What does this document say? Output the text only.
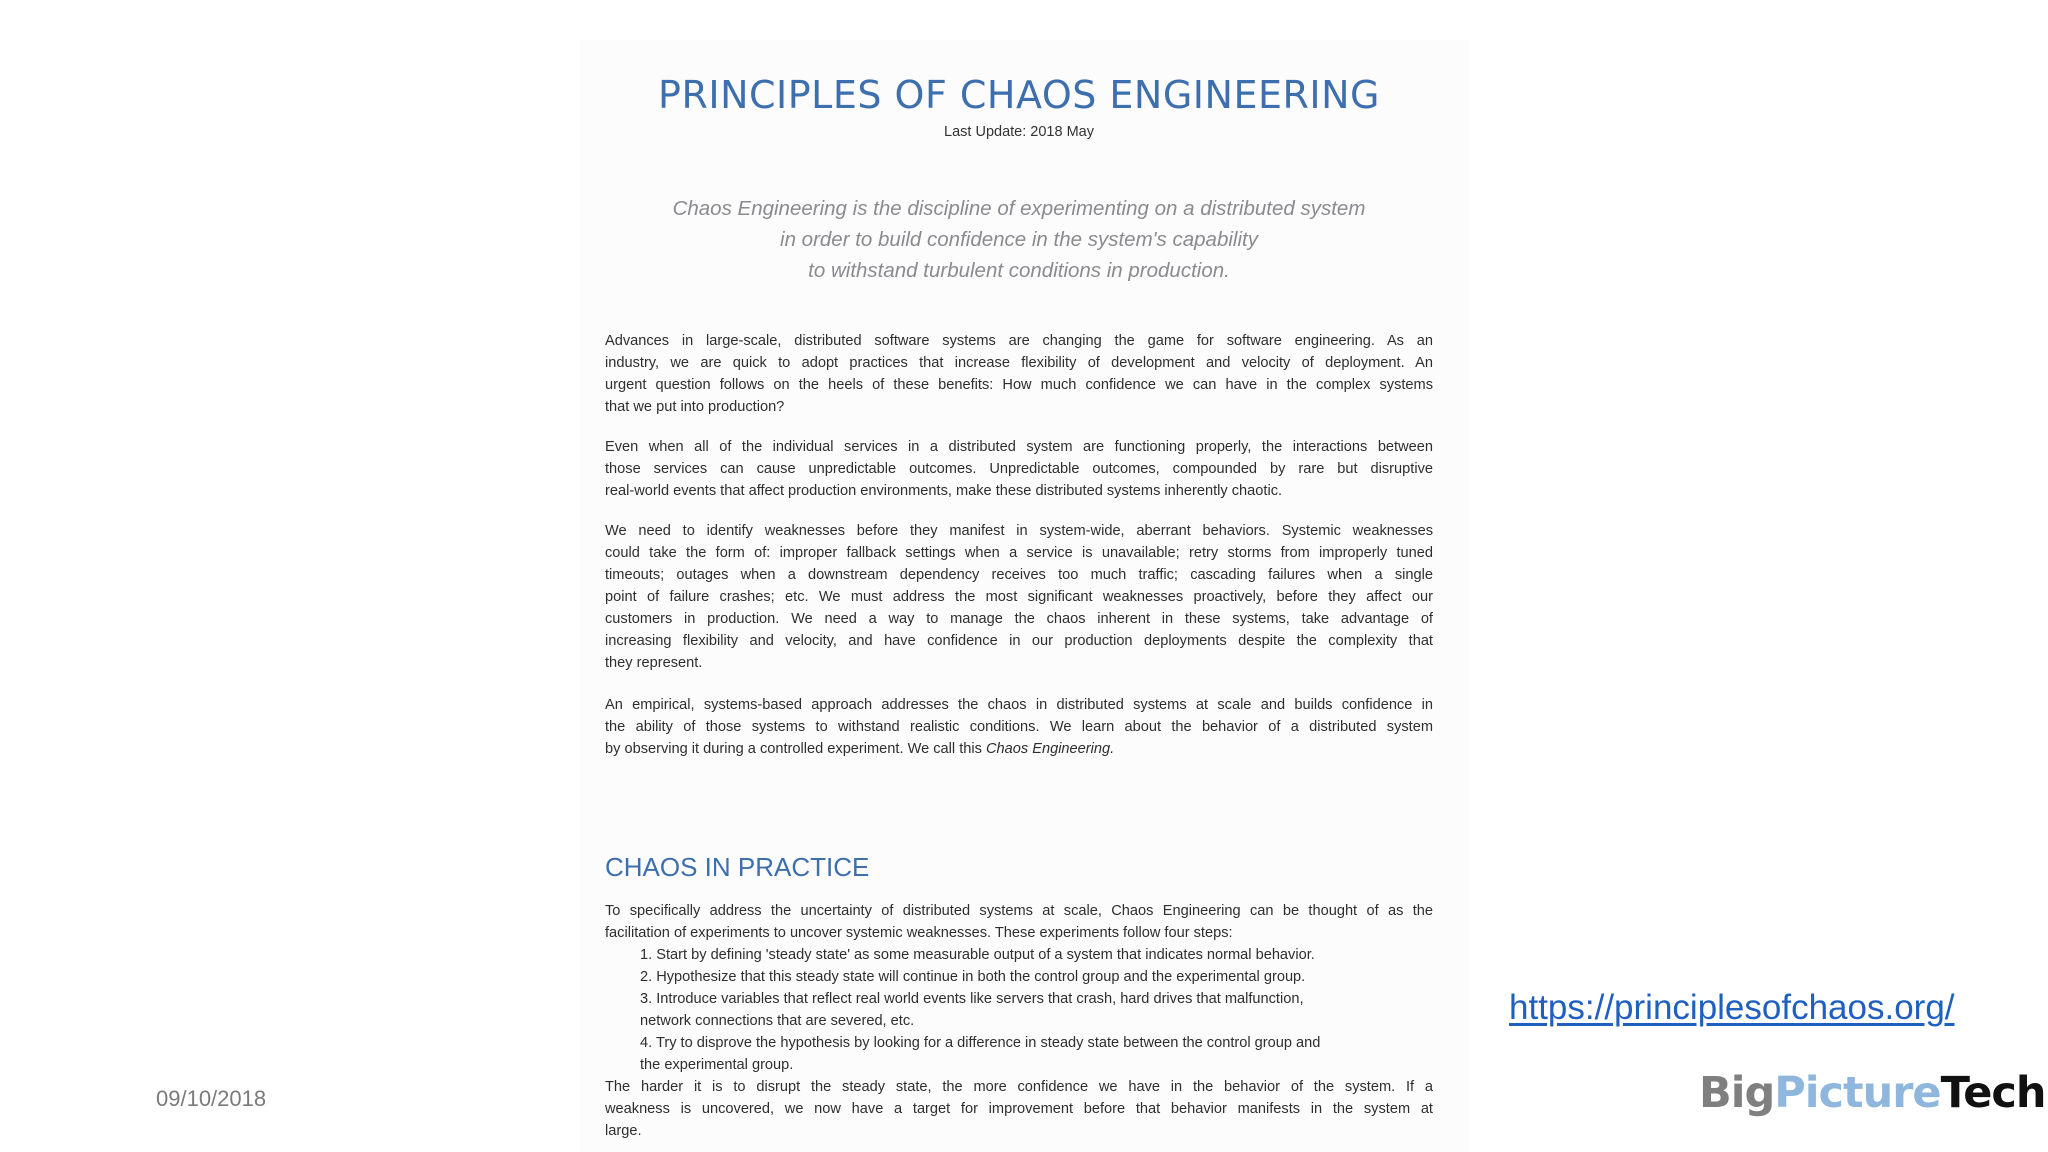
PRINCIPLES OF CHAOS ENGINEERING
Last Update: 2018 May
Chaos Engineering is the discipline of experimenting on a distributed system
in order to build confidence in the system's capability
to withstand turbulent conditions in production.
Advances in large-scale, distributed software systems are changing the game for software engineering. As an
industry, we are quick to adopt practices that increase flexibility of development and velocity of deployment. An
urgent question follows on the heels of these benefits: How much confidence we can have in the complex systems
that we put into production?
Even when all of the individual services in a distributed system are functioning properly, the interactions between
those services can cause unpredictable outcomes. Unpredictable outcomes, compounded by rare but disruptive
real-world events that affect production environments, make these distributed systems inherently chaotic.
We need to identify weaknesses before they manifest in system-wide, aberrant behaviors. Systemic weaknesses
could take the form of: improper fallback settings when a service is unavailable; retry storms from improperly tuned
timeouts; outages when a downstream dependency receives too much traffic; cascading failures when a single
point of failure crashes; etc. We must address the most significant weaknesses proactively, before they affect our
customers in production. We need a way to manage the chaos inherent in these systems, take advantage of
increasing flexibility and velocity, and have confidence in our production deployments despite the complexity that
they represent.
An empirical, systems-based approach addresses the chaos in distributed systems at scale and builds confidence in
the ability of those systems to withstand realistic conditions. We learn about the behavior of a distributed system
by observing it during a controlled experiment. We call this Chaos Engineering.
CHAOS IN PRACTICE
To specifically address the uncertainty of distributed systems at scale, Chaos Engineering can be thought of as the
facilitation of experiments to uncover systemic weaknesses. These experiments follow four steps:
1. Start by defining 'steady state' as some measurable output of a system that indicates normal behavior.
2. Hypothesize that this steady state will continue in both the control group and the experimental group.
3. Introduce variables that reflect real world events like servers that crash, hard drives that malfunction,
network connections that are severed, etc.
4. Try to disprove the hypothesis by looking for a difference in steady state between the control group and
the experimental group.
The harder it is to disrupt the steady state, the more confidence we have in the behavior of the system. If a
weakness is uncovered, we now have a target for improvement before that behavior manifests in the system at
large.
09/10/2018
https://principlesofchaos.org/
BigPictureTech
